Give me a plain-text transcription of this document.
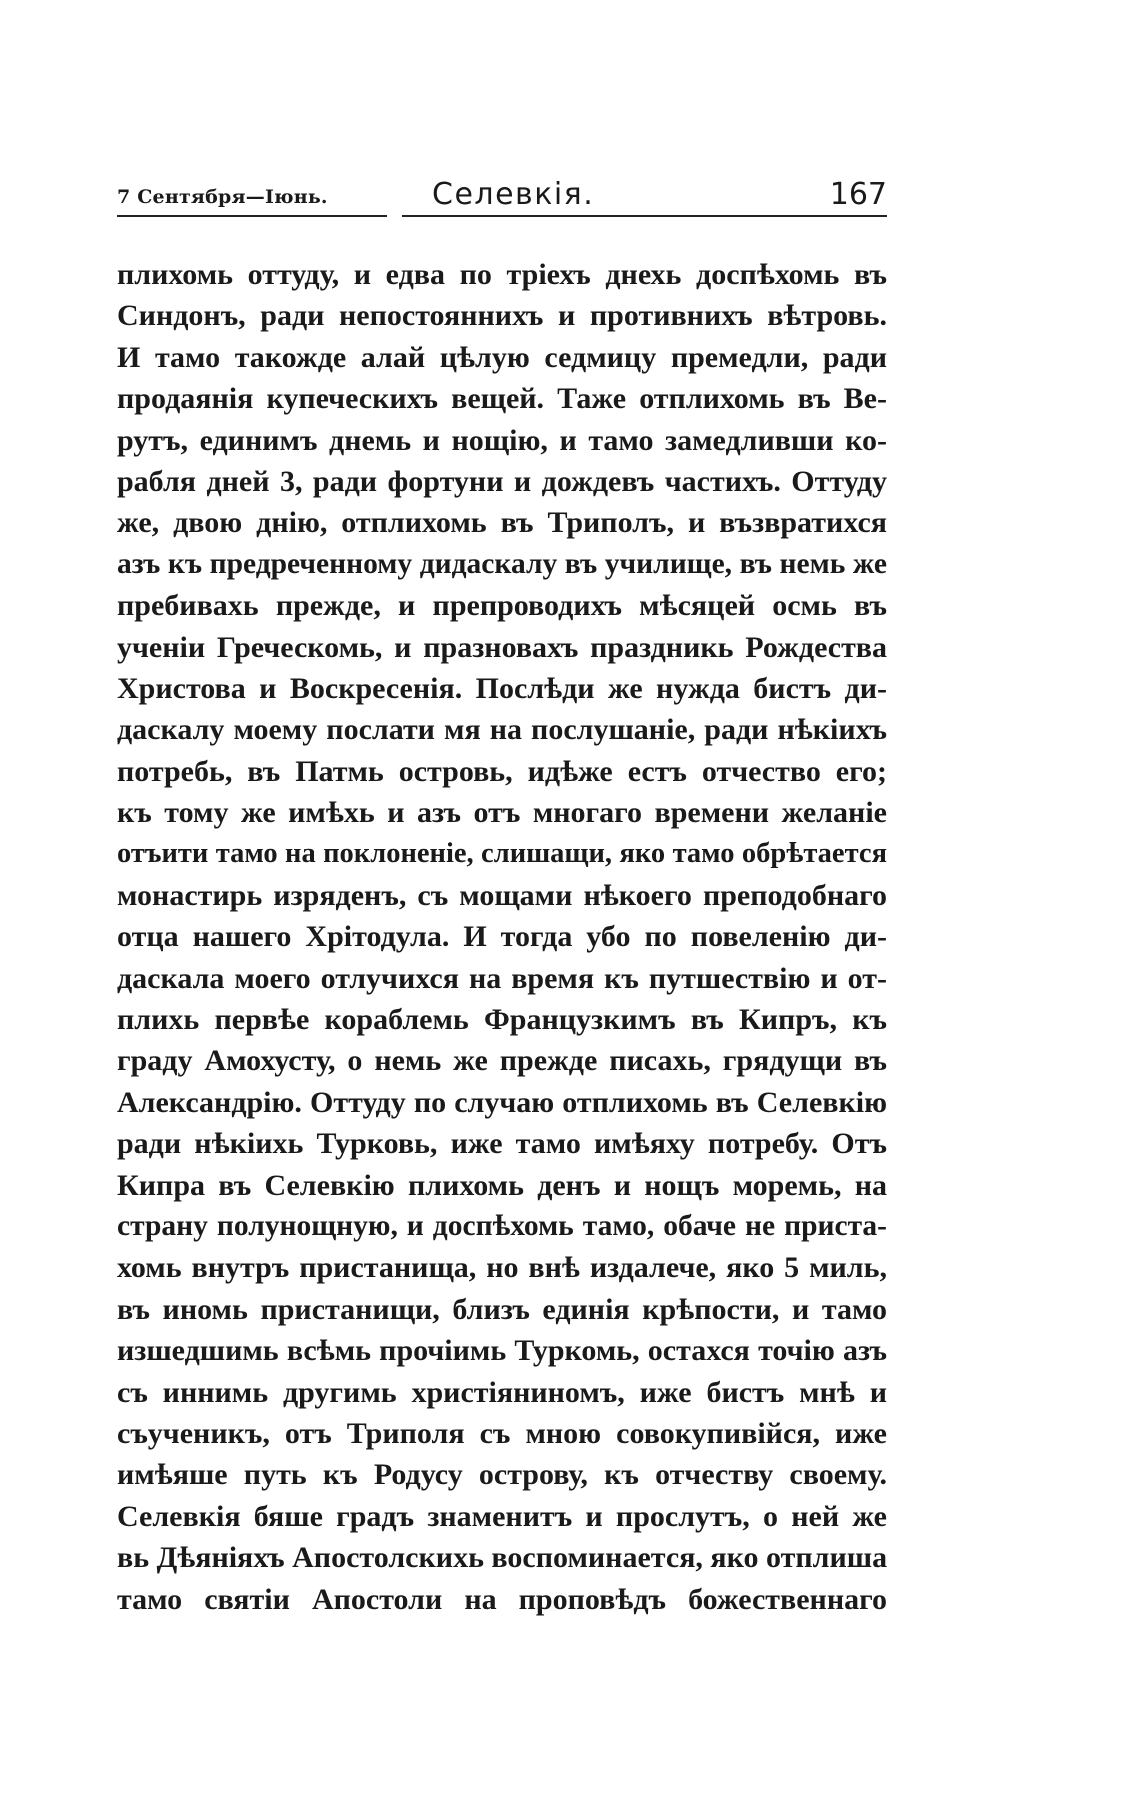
7 Сентября—Іюнь.	Селевкія.	167
плихомь оттуду, и едва по тріехъ днехь доспѣхомь въ
Синдонъ, ради непостояннихъ и противнихъ вѣтровь.
И тамо такожде алай цѣлую седмицу премедли, ради
продаянія купеческихъ вещей. Таже отплихомь въ Ве-
рутъ, единимъ днемь и нощію, и тамо замедливши ко-
рабля дней 3, ради фортуни и дождевъ частихъ. Оттуду
же, двою днію, отплихомь въ Триполъ, и възвратихся
азъ къ предреченному дидаскалу въ училище, въ немь же
пребивахь прежде, и препроводихъ мѣсяцей осмь въ
ученіи Греческомь, и празновахъ праздникь Рождества
Христова и Воскресенія. Послѣди же нужда бистъ ди-
даскалу моему послати мя на послушаніе, ради нѣкіихъ
потребь, въ Патмь островь, идѣже естъ отчество его;
къ тому же имѣхь и азъ отъ многаго времени желаніе
отъити тамо на поклоненіе, слишащи, яко тамо обрѣтается
монастирь изряденъ, съ мощами нѣкоего преподобнаго
отца нашего Хрітодула. И тогда убо по повеленію ди-
даскала моего отлучихся на время къ путшествію и от-
плихь первѣе кораблемь Французкимъ въ Кипръ, къ
граду Амохусту, о немь же прежде писахь, грядущи въ
Александрію. Оттуду по случаю отплихомь въ Селевкію
ради нѣкіихь Турковь, иже тамо имѣяху потребу. Отъ
Кипра въ Селевкію плихомь денъ и нощъ моремь, на
страну полунощную, и доспѣхомь тамо, обаче не приста-
хомь внутръ пристанища, но внѣ издалече, яко 5 миль,
въ иномь пристанищи, близъ единія крѣпости, и тамо
изшедшимь всѣмь прочіимь Туркомь, остахся точію азъ
съ иннимь другимь христіяниномъ, иже бистъ мнѣ и
съученикъ, отъ Триполя съ мною совокупивійся, иже
имѣяше путь къ Родусу острову, къ отчеству своему.
Селевкія бяше градъ знаменитъ и прослутъ, о ней же
вь Дѣяніяхъ Апостолскихь воспоминается, яко отплиша
тамо святіи Апостоли на проповѣдъ божественнаго
